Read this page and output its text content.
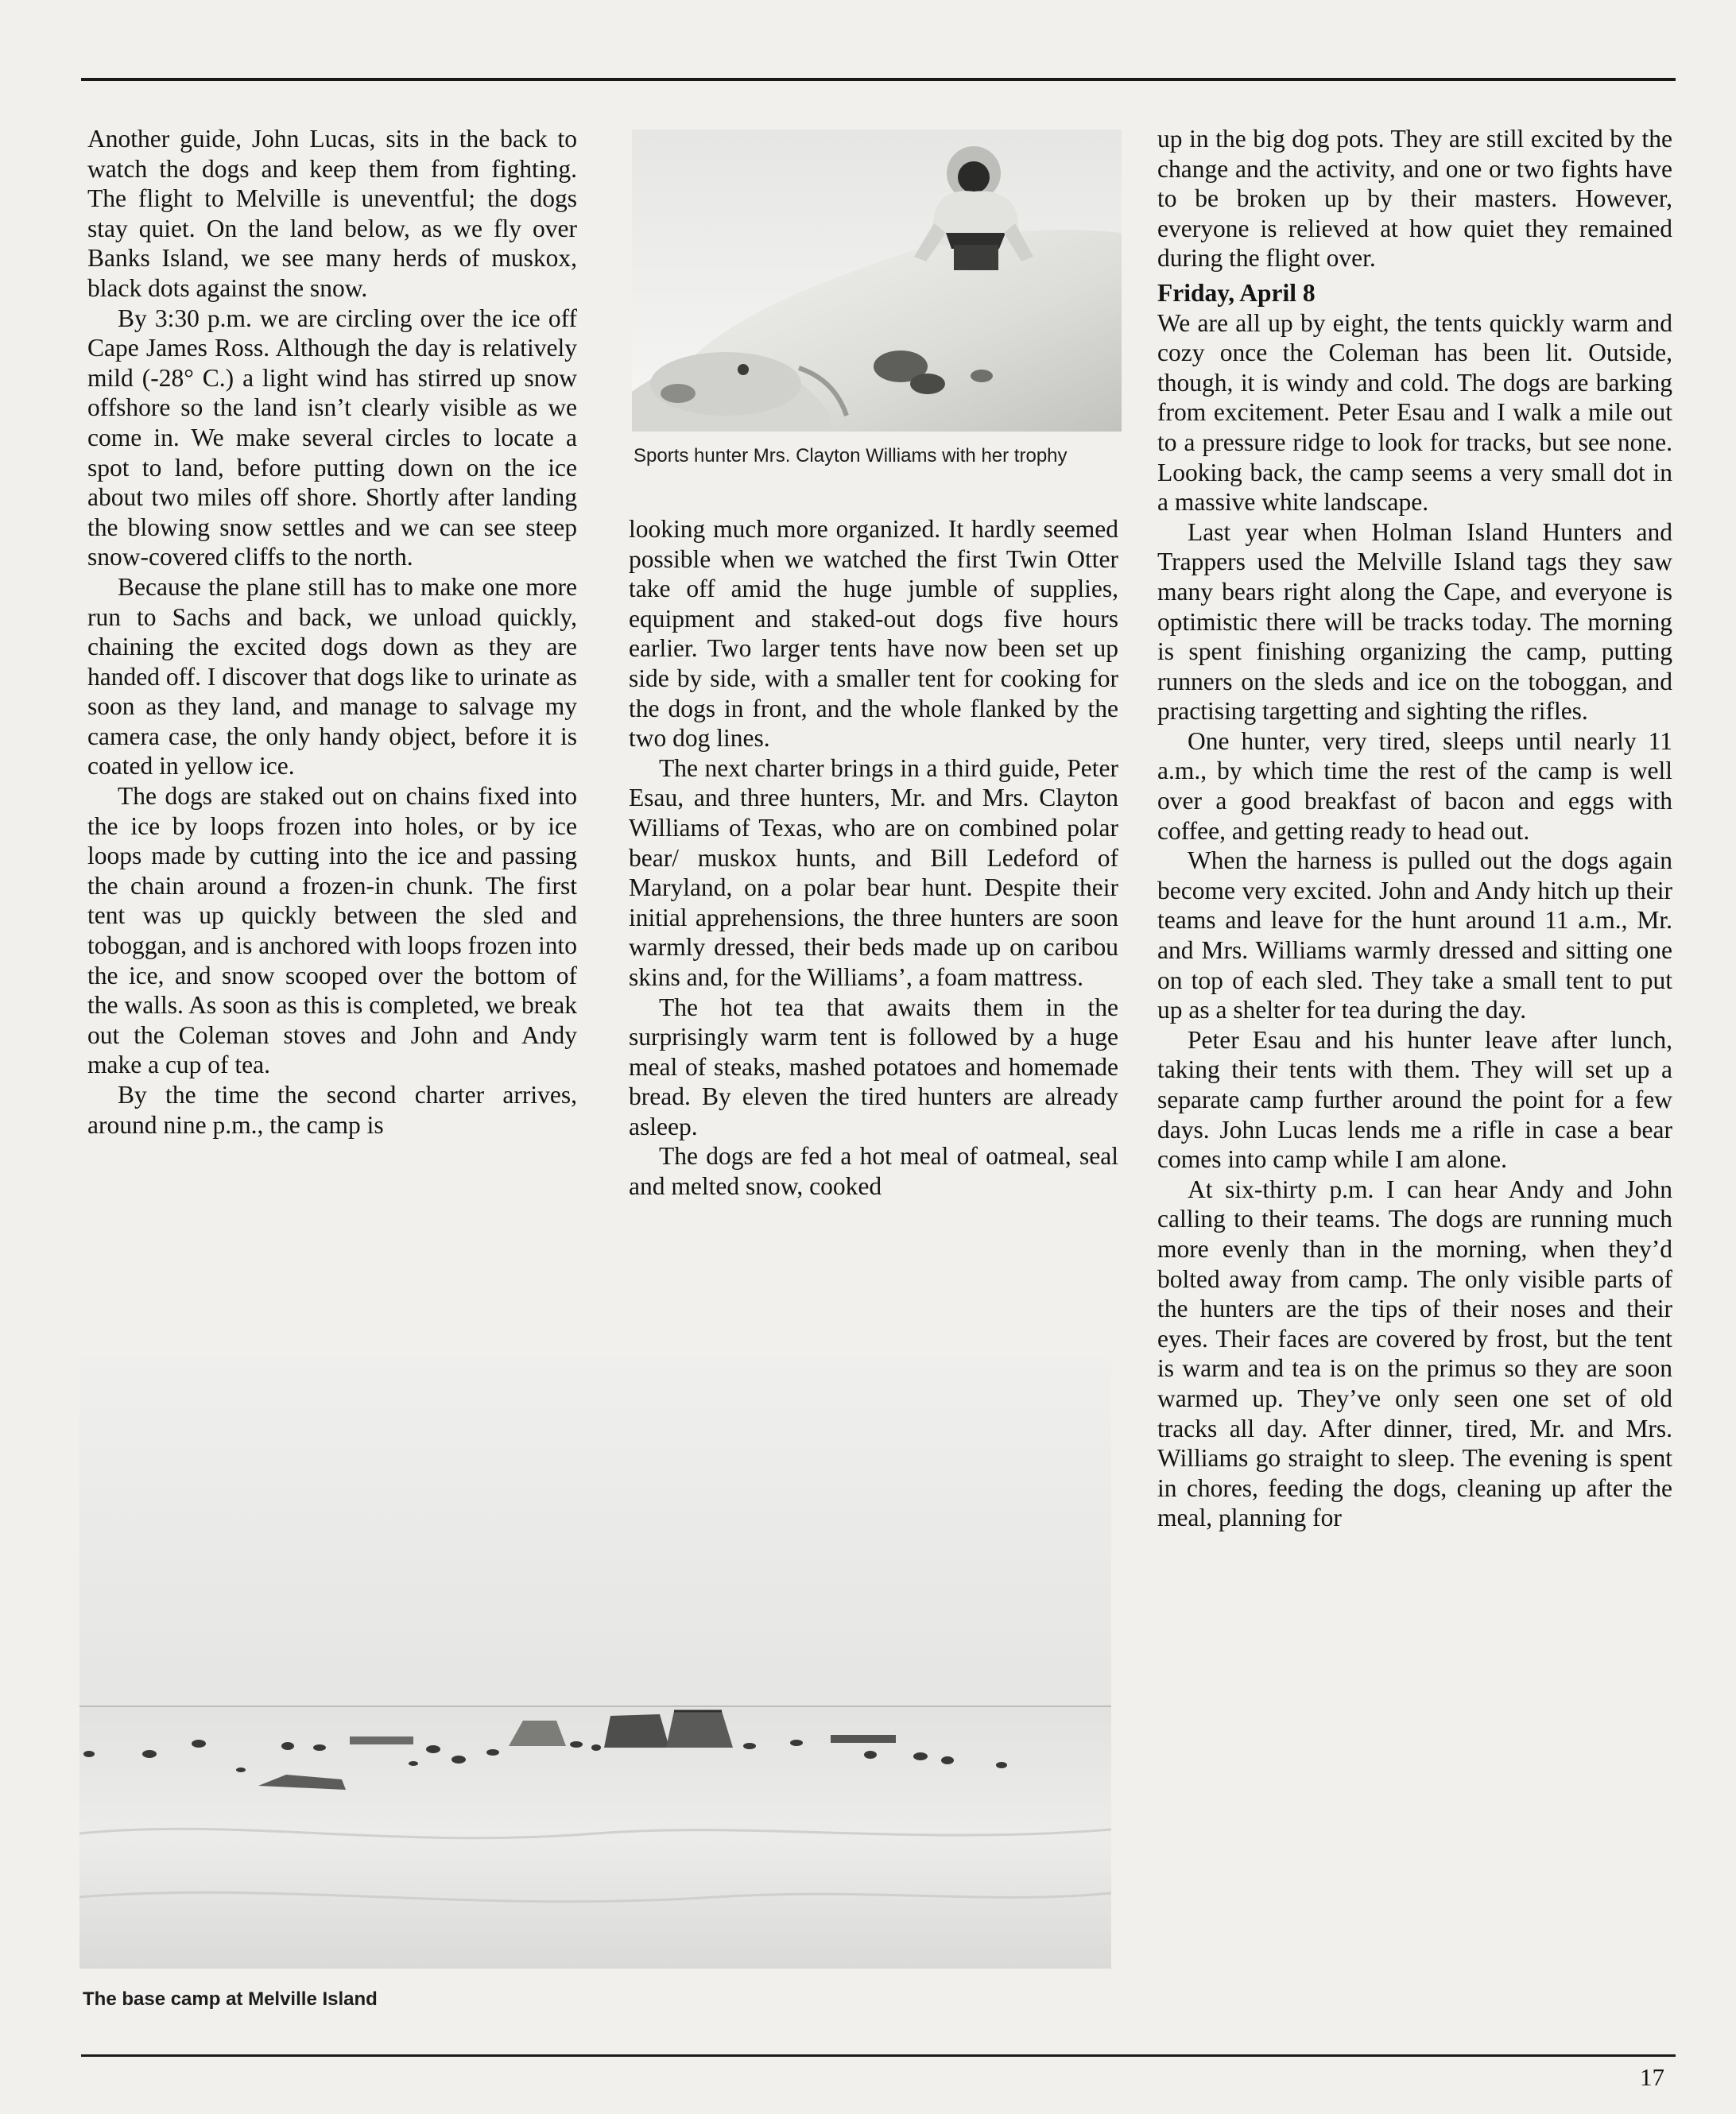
Another guide, John Lucas, sits in the back to watch the dogs and keep them from fighting. The flight to Melville is uneventful; the dogs stay quiet. On the land below, as we fly over Banks Island, we see many herds of muskox, black dots against the snow.

By 3:30 p.m. we are circling over the ice off Cape James Ross. Although the day is relatively mild (-28° C.) a light wind has stirred up snow offshore so the land isn’t clearly visible as we come in. We make several circles to locate a spot to land, before putting down on the ice about two miles off shore. Shortly after landing the blowing snow settles and we can see steep snow-covered cliffs to the north.

Because the plane still has to make one more run to Sachs and back, we unload quickly, chaining the excited dogs down as they are handed off. I discover that dogs like to urinate as soon as they land, and manage to salvage my camera case, the only handy object, before it is coated in yellow ice.

The dogs are staked out on chains fixed into the ice by loops frozen into holes, or by ice loops made by cutting into the ice and passing the chain around a frozen-in chunk. The first tent was up quickly between the sled and toboggan, and is anchored with loops frozen into the ice, and snow scooped over the bottom of the walls. As soon as this is completed, we break out the Coleman stoves and John and Andy make a cup of tea.

By the time the second charter arrives, around nine p.m., the camp is

Sports hunter Mrs. Clayton Williams with her trophy

looking much more organized. It hardly seemed possible when we watched the first Twin Otter take off amid the huge jumble of supplies, equipment and staked-out dogs five hours earlier. Two larger tents have now been set up side by side, with a smaller tent for cooking for the dogs in front, and the whole flanked by the two dog lines.

The next charter brings in a third guide, Peter Esau, and three hunters, Mr. and Mrs. Clayton Williams of Texas, who are on combined polar bear/ muskox hunts, and Bill Ledeford of Maryland, on a polar bear hunt. Despite their initial apprehensions, the three hunters are soon warmly dressed, their beds made up on caribou skins and, for the Williams’, a foam mattress.

The hot tea that awaits them in the surprisingly warm tent is followed by a huge meal of steaks, mashed potatoes and homemade bread. By eleven the tired hunters are already asleep.

The dogs are fed a hot meal of oatmeal, seal and melted snow, cooked

up in the big dog pots. They are still excited by the change and the activity, and one or two fights have to be broken up by their masters. However, everyone is relieved at how quiet they remained during the flight over.

Friday, April 8

We are all up by eight, the tents quickly warm and cozy once the Coleman has been lit. Outside, though, it is windy and cold. The dogs are barking from excitement. Peter Esau and I walk a mile out to a pressure ridge to look for tracks, but see none. Looking back, the camp seems a very small dot in a massive white landscape.

Last year when Holman Island Hunters and Trappers used the Melville Island tags they saw many bears right along the Cape, and everyone is optimistic there will be tracks today. The morning is spent finishing organizing the camp, putting runners on the sleds and ice on the toboggan, and practising targetting and sighting the rifles.

One hunter, very tired, sleeps until nearly 11 a.m., by which time the rest of the camp is well over a good breakfast of bacon and eggs with coffee, and getting ready to head out.

When the harness is pulled out the dogs again become very excited. John and Andy hitch up their teams and leave for the hunt around 11 a.m., Mr. and Mrs. Williams warmly dressed and sitting one on top of each sled. They take a small tent to put up as a shelter for tea during the day.

Peter Esau and his hunter leave after lunch, taking their tents with them. They will set up a separate camp further around the point for a few days. John Lucas lends me a rifle in case a bear comes into camp while I am alone.

At six-thirty p.m. I can hear Andy and John calling to their teams. The dogs are running much more evenly than in the morning, when they’d bolted away from camp. The only visible parts of the hunters are the tips of their noses and their eyes. Their faces are covered by frost, but the tent is warm and tea is on the primus so they are soon warmed up. They’ve only seen one set of old tracks all day. After dinner, tired, Mr. and Mrs. Williams go straight to sleep. The evening is spent in chores, feeding the dogs, cleaning up after the meal, planning for

The base camp at Melville Island
17
